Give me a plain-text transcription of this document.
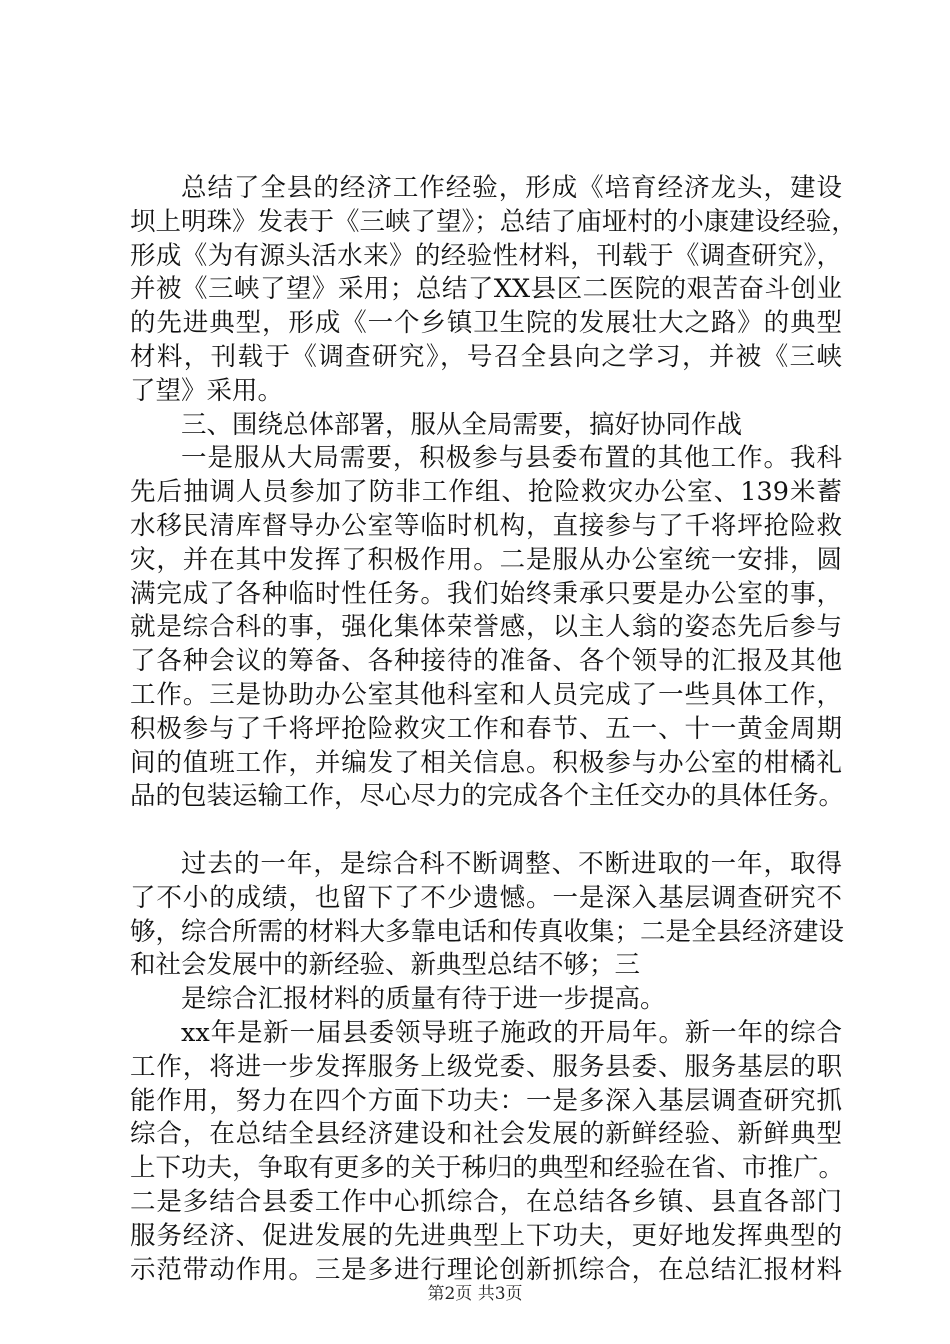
总结了全县的经济工作经验，形成《培育经济龙头，建设
坝上明珠》发表于《三峡了望》；总结了庙垭村的小康建设经验，
形成《为有源头活水来》的经验性材料，刊载于《调查研究》，
并被《三峡了望》采用；总结了XX县区二医院的艰苦奋斗创业
的先进典型，形成《一个乡镇卫生院的发展壮大之路》的典型
材料，刊载于《调查研究》，号召全县向之学习，并被《三峡
了望》采用。
三、围绕总体部署，服从全局需要，搞好协同作战
一是服从大局需要，积极参与县委布置的其他工作。我科
先后抽调人员参加了防非工作组、抢险救灾办公室、139米蓄
水移民清库督导办公室等临时机构，直接参与了千将坪抢险救
灾，并在其中发挥了积极作用。二是服从办公室统一安排，圆
满完成了各种临时性任务。我们始终秉承只要是办公室的事，
就是综合科的事，强化集体荣誉感，以主人翁的姿态先后参与
了各种会议的筹备、各种接待的准备、各个领导的汇报及其他
工作。三是协助办公室其他科室和人员完成了一些具体工作，
积极参与了千将坪抢险救灾工作和春节、五一、十一黄金周期
间的值班工作，并编发了相关信息。积极参与办公室的柑橘礼
品的包装运输工作，尽心尽力的完成各个主任交办的具体任务。
过去的一年，是综合科不断调整、不断进取的一年，取得
了不小的成绩，也留下了不少遗憾。一是深入基层调查研究不
够，综合所需的材料大多靠电话和传真收集；二是全县经济建设
和社会发展中的新经验、新典型总结不够；三
是综合汇报材料的质量有待于进一步提高。
xx年是新一届县委领导班子施政的开局年。新一年的综合
工作，将进一步发挥服务上级党委、服务县委、服务基层的职
能作用，努力在四个方面下功夫：一是多深入基层调查研究抓
综合，在总结全县经济建设和社会发展的新鲜经验、新鲜典型
上下功夫，争取有更多的关于秭归的典型和经验在省、市推广。
二是多结合县委工作中心抓综合，在总结各乡镇、县直各部门
服务经济、促进发展的先进典型上下功夫，更好地发挥典型的
示范带动作用。三是多进行理论创新抓综合，在总结汇报材料
第2页 共3页
